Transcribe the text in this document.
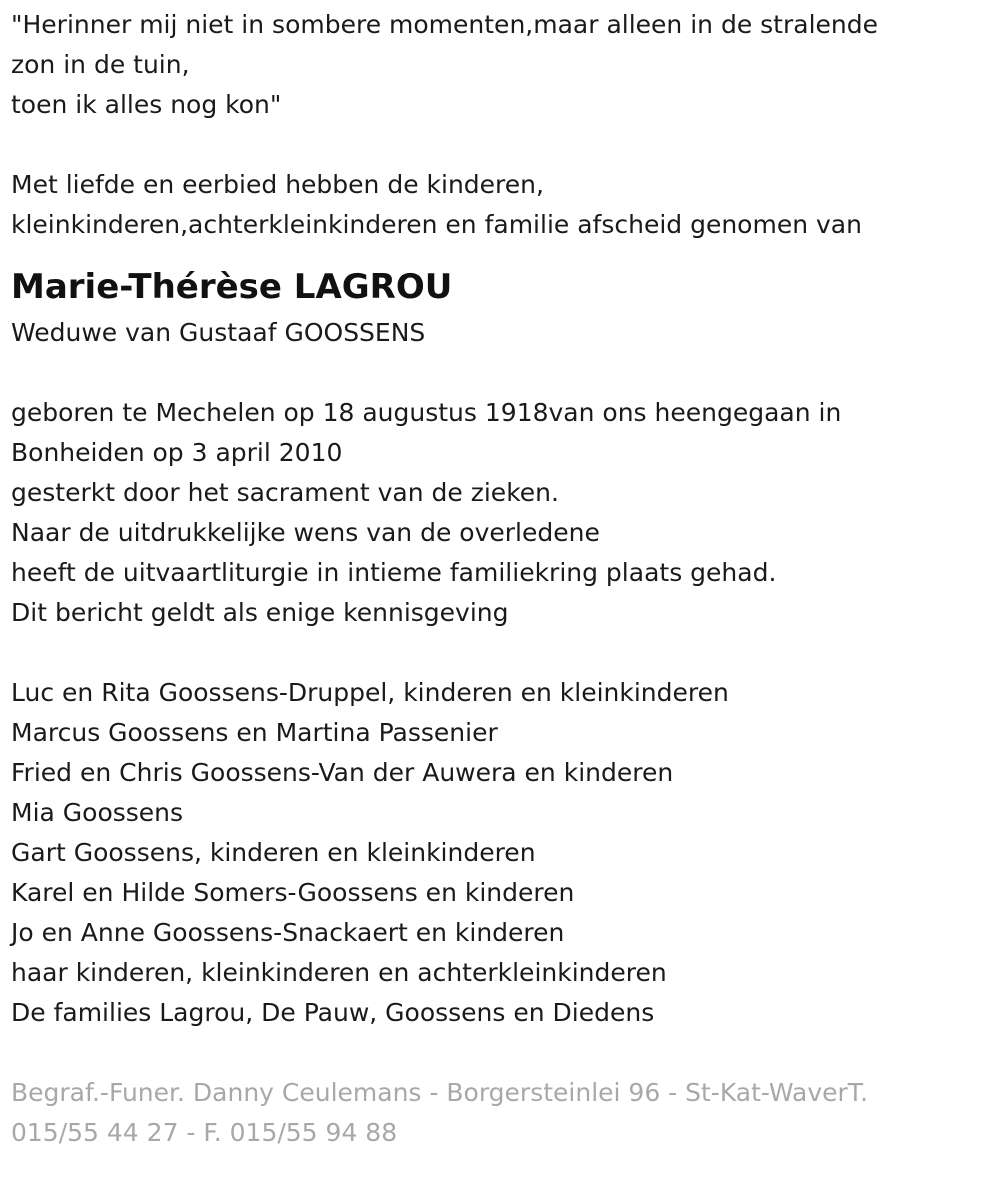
"Herinner mij niet in sombere momenten,maar alleen in de stralende
zon in de tuin,
toen ik alles nog kon"
Met liefde en eerbied hebben de kinderen,
kleinkinderen,achterkleinkinderen en familie afscheid genomen van
Marie-Thérèse LAGROU
Weduwe van Gustaaf GOOSSENS
geboren te Mechelen op 18 augustus 1918van ons heengegaan in
Bonheiden op 3 april 2010
gesterkt door het sacrament van de zieken.
Naar de uitdrukkelijke wens van de overledene
heeft de uitvaartliturgie in intieme familiekring plaats gehad.
Dit bericht geldt als enige kennisgeving
Luc en Rita Goossens-Druppel, kinderen en kleinkinderen
Marcus Goossens en Martina Passenier
Fried en Chris Goossens-Van der Auwera en kinderen
Mia Goossens
Gart Goossens, kinderen en kleinkinderen
Karel en Hilde Somers-Goossens en kinderen
Jo en Anne Goossens-Snackaert en kinderen
haar kinderen, kleinkinderen en achterkleinkinderen
De families Lagrou, De Pauw, Goossens en Diedens
Begraf.-Funer. Danny Ceulemans - Borgersteinlei 96 - St-Kat-WaverT.
015/55 44 27 - F. 015/55 94 88
